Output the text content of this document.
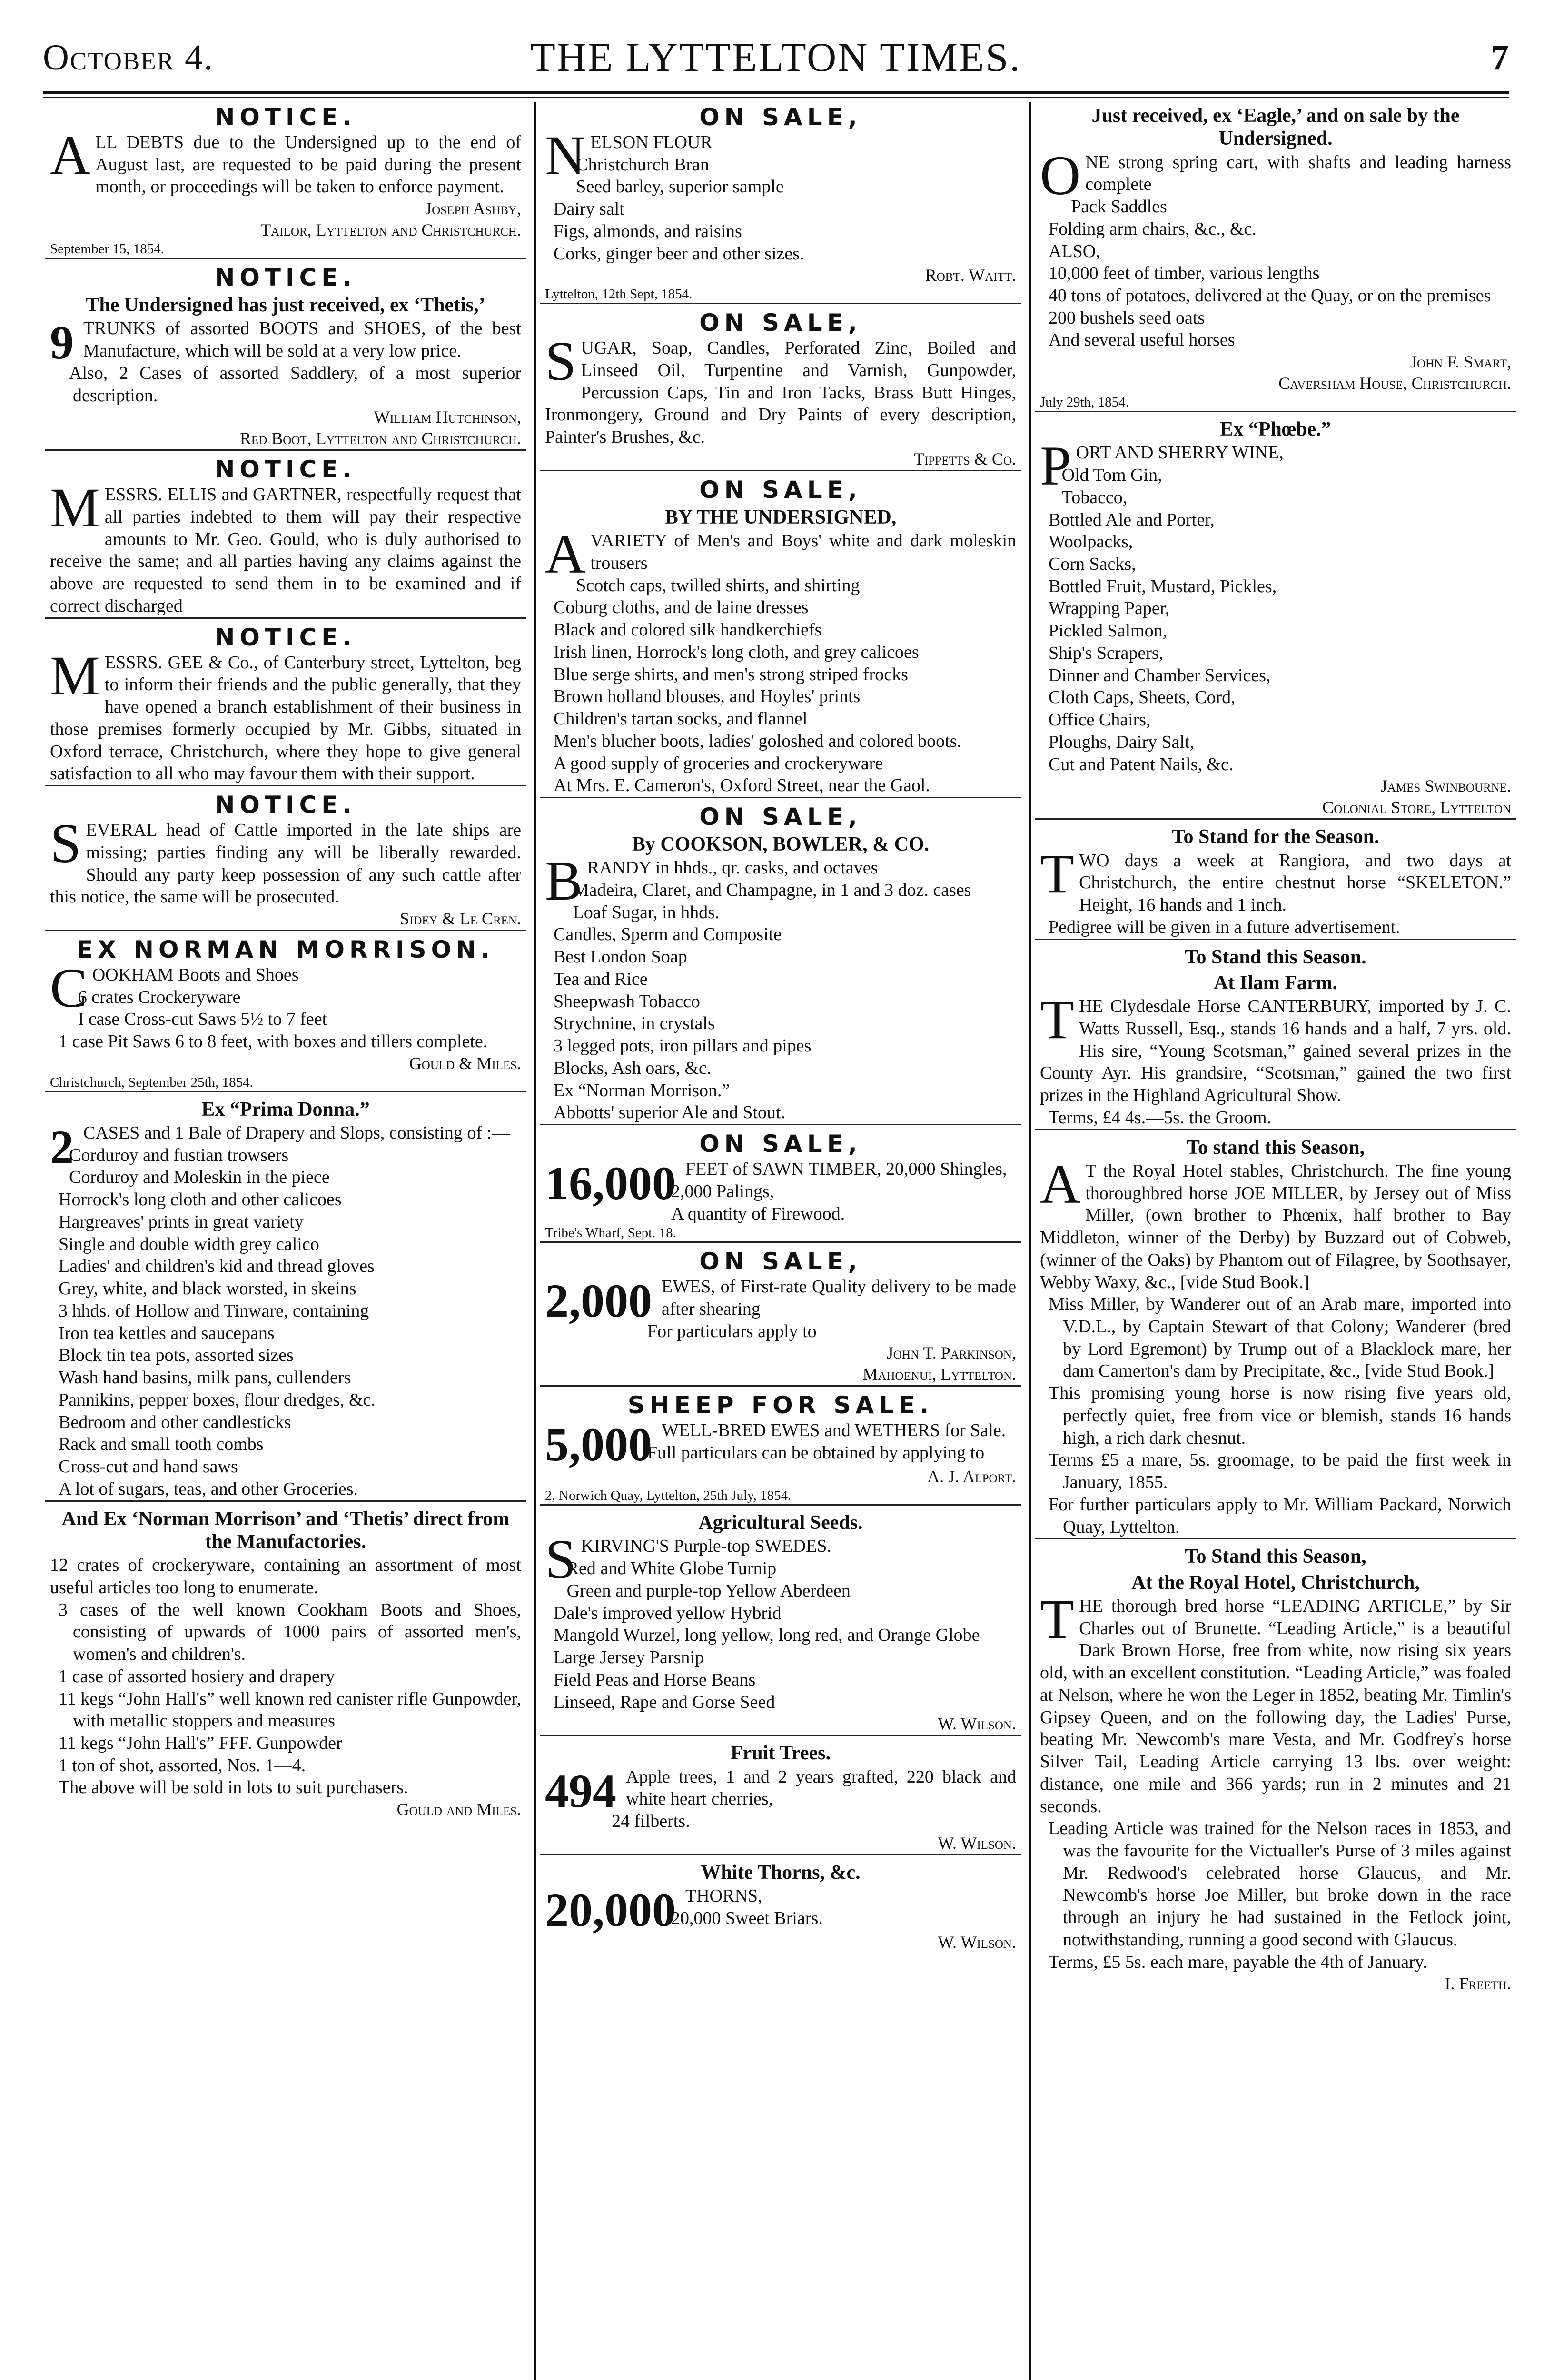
October 4.	THE LYTTELTON TIMES.	7
NOTICE.

ALL DEBTS due to the Undersigned up to the end of August last, are requested to be paid during the present month, or proceedings will be taken to enforce payment.

Joseph Ashby,

Tailor, Lyttelton and Christchurch.

September 15, 1854.

NOTICE.
The Undersigned has just received, ex ‘Thetis,’

9 TRUNKS of assorted BOOTS and SHOES, of the best Manufacture, which will be sold at a very low price.

Also, 2 Cases of assorted Saddlery, of a most superior description.

William Hutchinson,

Red Boot, Lyttelton and Christchurch.

NOTICE.

MESSRS. ELLIS and GARTNER, respectfully request that all parties indebted to them will pay their respective amounts to Mr. Geo. Gould, who is duly authorised to receive the same; and all parties having any claims against the above are requested to send them in to be examined and if correct discharged

NOTICE.

MESSRS. GEE & Co., of Canterbury street, Lyttelton, beg to inform their friends and the public generally, that they have opened a branch establishment of their business in those premises formerly occupied by Mr. Gibbs, situated in Oxford terrace, Christchurch, where they hope to give general satisfaction to all who may favour them with their support.

NOTICE.

SEVERAL head of Cattle imported in the late ships are missing; parties finding any will be liberally rewarded. Should any party keep possession of any such cattle after this notice, the same will be prosecuted.

Sidey & Le Cren.

EX NORMAN MORRISON.

COOKHAM Boots and Shoes

6 crates Crockeryware

I case Cross-cut Saws 5½ to 7 feet

1 case Pit Saws 6 to 8 feet, with boxes and tillers complete.

Gould & Miles.

Christchurch, September 25th, 1854.

Ex “Prima Donna.”

2 CASES and 1 Bale of Drapery and Slops, consisting of :—

Corduroy and fustian trowsers

Corduroy and Moleskin in the piece

Horrock's long cloth and other calicoes

Hargreaves' prints in great variety

Single and double width grey calico

Ladies' and children's kid and thread gloves

Grey, white, and black worsted, in skeins

3 hhds. of Hollow and Tinware, containing

Iron tea kettles and saucepans

Block tin tea pots, assorted sizes

Wash hand basins, milk pans, cullenders

Pannikins, pepper boxes, flour dredges, &c.

Bedroom and other candlesticks

Rack and small tooth combs

Cross-cut and hand saws

A lot of sugars, teas, and other Groceries.

And Ex ‘Norman Morrison’ and ‘Thetis’ direct from the Manufactories.

12 crates of crockeryware, containing an assortment of most useful articles too long to enumerate.

3 cases of the well known Cookham Boots and Shoes, consisting of upwards of 1000 pairs of assorted men's, women's and children's.

1 case of assorted hosiery and drapery

11 kegs “John Hall's” well known red canister rifle Gunpowder, with metallic stoppers and measures

11 kegs “John Hall's” FFF. Gunpowder

1 ton of shot, assorted, Nos. 1—4.

The above will be sold in lots to suit purchasers.

Gould and Miles.

ON SALE,

NELSON FLOUR

Christchurch Bran

Seed barley, superior sample

Dairy salt

Figs, almonds, and raisins

Corks, ginger beer and other sizes.

Robt. Waitt.

Lyttelton, 12th Sept, 1854.

ON SALE,

SUGAR, Soap, Candles, Perforated Zinc, Boiled and Linseed Oil, Turpentine and Varnish, Gunpowder, Percussion Caps, Tin and Iron Tacks, Brass Butt Hinges, Ironmongery, Ground and Dry Paints of every description, Painter's Brushes, &c.

Tippetts & Co.

ON SALE,
BY THE UNDERSIGNED,

AVARIETY of Men's and Boys' white and dark moleskin trousers

Scotch caps, twilled shirts, and shirting

Coburg cloths, and de laine dresses

Black and colored silk handkerchiefs

Irish linen, Horrock's long cloth, and grey calicoes

Blue serge shirts, and men's strong striped frocks

Brown holland blouses, and Hoyles' prints

Children's tartan socks, and flannel

Men's blucher boots, ladies' goloshed and colored boots.

A good supply of groceries and crockeryware

At Mrs. E. Cameron's, Oxford Street, near the Gaol.

ON SALE,
By COOKSON, BOWLER, & CO.

BRANDY in hhds., qr. casks, and octaves

Madeira, Claret, and Champagne, in 1 and 3 doz. cases

Loaf Sugar, in hhds.

Candles, Sperm and Composite

Best London Soap

Tea and Rice

Sheepwash Tobacco

Strychnine, in crystals

3 legged pots, iron pillars and pipes

Blocks, Ash oars, &c.

Ex “Norman Morrison.”

Abbotts' superior Ale and Stout.

ON SALE,

16,000 FEET of SAWN TIMBER, 20,000 Shingles,

2,000 Palings,

A quantity of Firewood.

Tribe's Wharf, Sept. 18.

ON SALE,

2,000 EWES, of First-rate Quality delivery to be made after shearing

For particulars apply to

John T. Parkinson,

Mahoenui, Lyttelton.

SHEEP FOR SALE.

5,000 WELL-BRED EWES and WETHERS for Sale.

Full particulars can be obtained by applying to

A. J. Alport.

2, Norwich Quay, Lyttelton, 25th July, 1854.

Agricultural Seeds.

SKIRVING'S Purple-top SWEDES.

Red and White Globe Turnip

Green and purple-top Yellow Aberdeen

Dale's improved yellow Hybrid

Mangold Wurzel, long yellow, long red, and Orange Globe

Large Jersey Parsnip

Field Peas and Horse Beans

Linseed, Rape and Gorse Seed

W. Wilson.

Fruit Trees.

494 Apple trees, 1 and 2 years grafted, 220 black and white heart cherries,

24 filberts.

W. Wilson.

White Thorns, &c.

20,000 THORNS,

20,000 Sweet Briars.

W. Wilson.

Just received, ex ‘Eagle,’ and on sale by the Undersigned.

ONE strong spring cart, with shafts and leading harness complete

Pack Saddles

Folding arm chairs, &c., &c.

ALSO,

10,000 feet of timber, various lengths

40 tons of potatoes, delivered at the Quay, or on the premises

200 bushels seed oats

And several useful horses

John F. Smart,

Caversham House, Christchurch.

July 29th, 1854.

Ex “Phœbe.”

PORT AND SHERRY WINE,

Old Tom Gin,

Tobacco,

Bottled Ale and Porter,

Woolpacks,

Corn Sacks,

Bottled Fruit, Mustard, Pickles,

Wrapping Paper,

Pickled Salmon,

Ship's Scrapers,

Dinner and Chamber Services,

Cloth Caps, Sheets, Cord,

Office Chairs,

Ploughs, Dairy Salt,

Cut and Patent Nails, &c.

James Swinbourne.

Colonial Store, Lyttelton

To Stand for the Season.

TWO days a week at Rangiora, and two days at Christchurch, the entire chestnut horse “SKELETON.” Height, 16 hands and 1 inch.

Pedigree will be given in a future advertisement.

To Stand this Season.
At Ilam Farm.

THE Clydesdale Horse CANTERBURY, imported by J. C. Watts Russell, Esq., stands 16 hands and a half, 7 yrs. old. His sire, “Young Scotsman,” gained several prizes in the County Ayr. His grandsire, “Scotsman,” gained the two first prizes in the Highland Agricultural Show.

Terms, £4 4s.—5s. the Groom.

To stand this Season,

A T the Royal Hotel stables, Christchurch. The fine young thoroughbred horse JOE MILLER, by Jersey out of Miss Miller, (own brother to Phœnix, half brother to Bay Middleton, winner of the Derby) by Buzzard out of Cobweb, (winner of the Oaks) by Phantom out of Filagree, by Soothsayer, Webby Waxy, &c., [vide Stud Book.]

Miss Miller, by Wanderer out of an Arab mare, imported into V.D.L., by Captain Stewart of that Colony; Wanderer (bred by Lord Egremont) by Trump out of a Blacklock mare, her dam Camerton's dam by Precipitate, &c., [vide Stud Book.]

This promising young horse is now rising five years old, perfectly quiet, free from vice or blemish, stands 16 hands high, a rich dark chesnut.

Terms £5 a mare, 5s. groomage, to be paid the first week in January, 1855.

For further particulars apply to Mr. William Packard, Norwich Quay, Lyttelton.

To Stand this Season,
At the Royal Hotel, Christchurch,

THE thorough bred horse “LEADING ARTICLE,” by Sir Charles out of Brunette. “Leading Article,” is a beautiful Dark Brown Horse, free from white, now rising six years old, with an excellent constitution. “Leading Article,” was foaled at Nelson, where he won the Leger in 1852, beating Mr. Timlin's Gipsey Queen, and on the following day, the Ladies' Purse, beating Mr. Newcomb's mare Vesta, and Mr. Godfrey's horse Silver Tail, Leading Article carrying 13 lbs. over weight: distance, one mile and 366 yards; run in 2 minutes and 21 seconds.

Leading Article was trained for the Nelson races in 1853, and was the favourite for the Victualler's Purse of 3 miles against Mr. Redwood's celebrated horse Glaucus, and Mr. Newcomb's horse Joe Miller, but broke down in the race through an injury he had sustained in the Fetlock joint, notwithstanding, running a good second with Glaucus.

Terms, £5 5s. each mare, payable the 4th of January.

I. Freeth.
